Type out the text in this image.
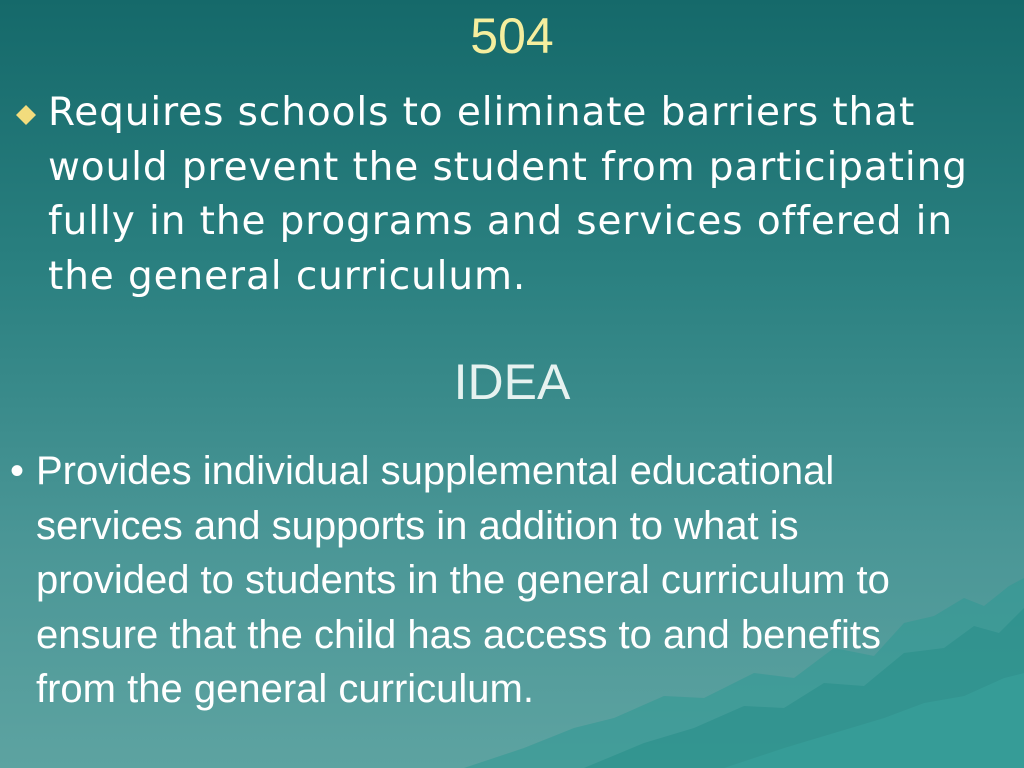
504
Requires schools to eliminate barriers that would prevent the student from participating fully in the programs and services offered in the general curriculum.
IDEA
• Provides individual supplemental educational services and supports in addition to what is provided to students in the general curriculum to ensure that the child has access to and benefits from the general curriculum.
